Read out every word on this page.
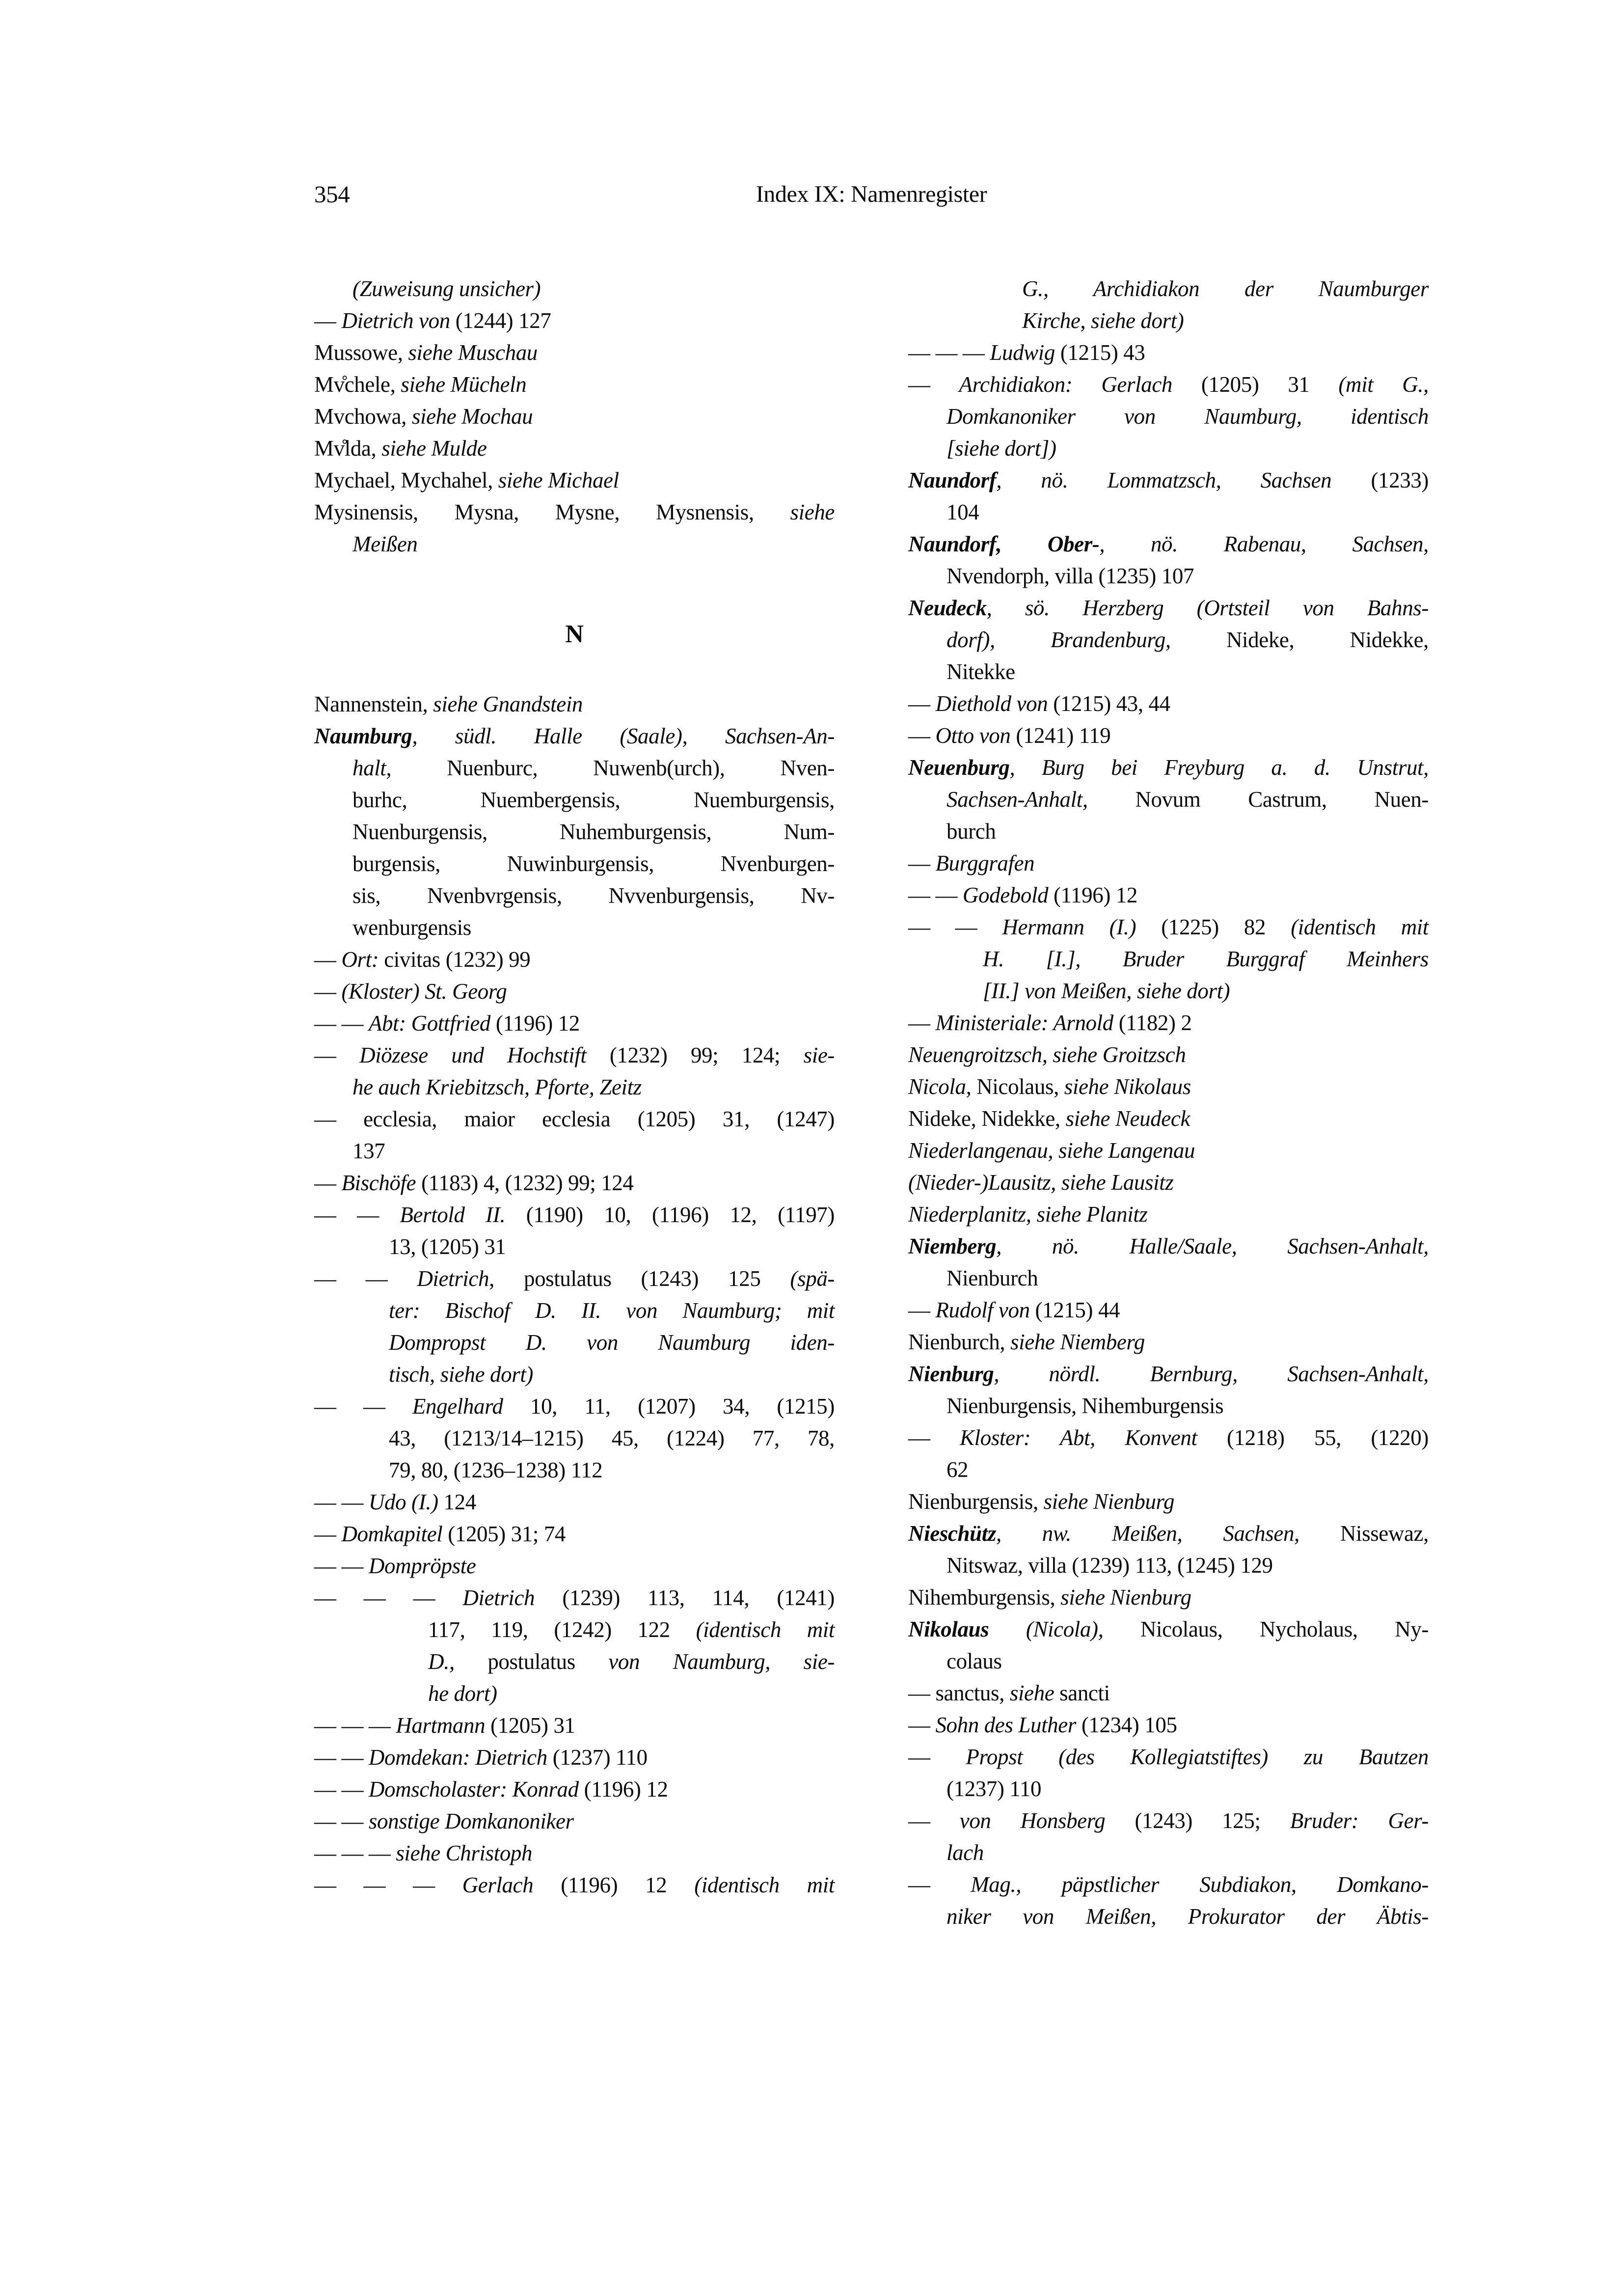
354	Index IX: Namenregister
(Zuweisung unsicher)
— Dietrich von (1244) 127
Mussowe, siehe Muschau
Mv̊chele, siehe Mücheln
Mvchowa, siehe Mochau
Mv̊lda, siehe Mulde
Mychael, Mychahel, siehe Michael
Mysinensis, Mysna, Mysne, Mysnensis, siehe
Meißen
N
Nannenstein, siehe Gnandstein
Naumburg, südl. Halle (Saale), Sachsen-An-
halt, Nuenburc, Nuwenb(urch), Nven-
burhc, Nuembergensis, Nuemburgensis,
Nuenburgensis, Nuhemburgensis, Num-
burgensis, Nuwinburgensis, Nvenburgen-
sis, Nvenbvrgensis, Nvvenburgensis, Nv-
wenburgensis
— Ort: civitas (1232) 99
— (Kloster) St. Georg
— — Abt: Gottfried (1196) 12
— Diözese und Hochstift (1232) 99; 124; sie-
he auch Kriebitzsch, Pforte, Zeitz
— ecclesia, maior ecclesia (1205) 31, (1247)
137
— Bischöfe (1183) 4, (1232) 99; 124
— — Bertold II. (1190) 10, (1196) 12, (1197)
13, (1205) 31
— — Dietrich, postulatus (1243) 125 (spä-
ter: Bischof D. II. von Naumburg; mit
Dompropst D. von Naumburg iden-
tisch, siehe dort)
— — Engelhard 10, 11, (1207) 34, (1215)
43, (1213/14–1215) 45, (1224) 77, 78,
79, 80, (1236–1238) 112
— — Udo (I.) 124
— Domkapitel (1205) 31; 74
— — Dompröpste
— — — Dietrich (1239) 113, 114, (1241)
117, 119, (1242) 122 (identisch mit
D., postulatus von Naumburg, sie-
he dort)
— — — Hartmann (1205) 31
— — Domdekan: Dietrich (1237) 110
— — Domscholaster: Konrad (1196) 12
— — sonstige Domkanoniker
— — — siehe Christoph
— — — Gerlach (1196) 12 (identisch mit
G., Archidiakon der Naumburger
Kirche, siehe dort)
— — — Ludwig (1215) 43
— Archidiakon: Gerlach (1205) 31 (mit G.,
Domkanoniker von Naumburg, identisch
[siehe dort])
Naundorf, nö. Lommatzsch, Sachsen (1233)
104
Naundorf, Ober-, nö. Rabenau, Sachsen,
Nvendorph, villa (1235) 107
Neudeck, sö. Herzberg (Ortsteil von Bahns-
dorf), Brandenburg, Nideke, Nidekke,
Nitekke
— Diethold von (1215) 43, 44
— Otto von (1241) 119
Neuenburg, Burg bei Freyburg a. d. Unstrut,
Sachsen-Anhalt, Novum Castrum, Nuen-
burch
— Burggrafen
— — Godebold (1196) 12
— — Hermann (I.) (1225) 82 (identisch mit
H. [I.], Bruder Burggraf Meinhers
[II.] von Meißen, siehe dort)
— Ministeriale: Arnold (1182) 2
Neuengroitzsch, siehe Groitzsch
Nicola, Nicolaus, siehe Nikolaus
Nideke, Nidekke, siehe Neudeck
Niederlangenau, siehe Langenau
(Nieder-)Lausitz, siehe Lausitz
Niederplanitz, siehe Planitz
Niemberg, nö. Halle/Saale, Sachsen-Anhalt,
Nienburch
— Rudolf von (1215) 44
Nienburch, siehe Niemberg
Nienburg, nördl. Bernburg, Sachsen-Anhalt,
Nienburgensis, Nihemburgensis
— Kloster: Abt, Konvent (1218) 55, (1220)
62
Nienburgensis, siehe Nienburg
Nieschütz, nw. Meißen, Sachsen, Nissewaz,
Nitswaz, villa (1239) 113, (1245) 129
Nihemburgensis, siehe Nienburg
Nikolaus (Nicola), Nicolaus, Nycholaus, Ny-
colaus
— sanctus, siehe sancti
— Sohn des Luther (1234) 105
— Propst (des Kollegiatstiftes) zu Bautzen
(1237) 110
— von Honsberg (1243) 125; Bruder: Ger-
lach
— Mag., päpstlicher Subdiakon, Domkano-
niker von Meißen, Prokurator der Äbtis-
